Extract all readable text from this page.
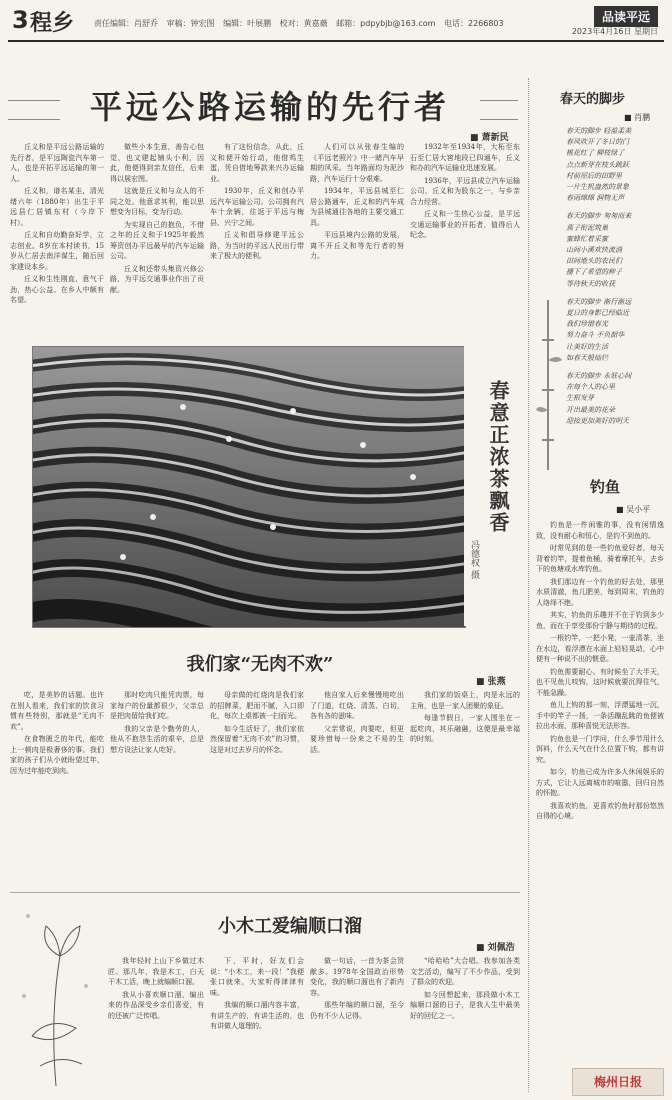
3 程乡 责任编辑：肖舒乔 审稿：钟宏图 编辑：叶展鹏 校对：黄嘉薇 邮箱：pdpybjb@163.com 电话：2266803	品读平远
2023年4月16日 星期日
平远公路运输的先行者
■ 萧新民

丘义和是平远公路运输的先行者，是平远陶瓷汽车第一人，也是开拓平远运输的第一人。

丘义和，谱名某圭，清光绪六年（1880年）出生于平远县仁居镇东村（今岸下村）。

丘义和自幼勤奋好学，立志创业。8岁在本村读书，15岁从仁居去南洋谋生，随后回家建设本乡。

丘义和生性刚直，意气干劲，热心公益。在乡人中颇有名望。

做些小本生意，善告心包觉，也又建起铺头小利，因此，他便得到亲友信任，后来得以展宏图。

这就是丘义和与众人的不同之处。他意求其利，能以思想变为目标，变为行动。

为实现自己的抱负，不惜之年的丘义和于1925年毅然筹资创办平远最早的汽车运输公司。

丘义和还带头集资兴修公路，为平远交通事业作出了贡献。

有了这份信念，从此，丘义和便开始行动，他借鸡生蛋，凭自借地筹款来兴办运输业。

1930年，丘义和创办平远汽车运输公司。公司拥有汽车十余辆，往返于平远与梅县、兴宁之间。

丘义和倡导修建平远公路，为当时的平远人民出行带来了极大的便利。

人们可以从张春生编的《平远老照片》中一睹汽车早期的风采。当年路面均为泥沙路，汽车运行十分艰难。

1934年，平远县城至仁居公路通车，丘义和的汽车成为县城通往各地的主要交通工具。

平远县境内公路的发展，离不开丘义和等先行者的努力。

1932年至1934年，大柘至东石至仁居大窖地段已四通车，丘义和办的汽车运输业迅速发展。

1936年，平远县成立汽车运输公司，丘义和为股东之一，与乡亲合力经营。

丘义和一生热心公益，是平远交通运输事业的开拓者，值得后人纪念。

春意正浓茶飘香
冯德权 摄
我们家“无肉不欢”
■ 张燕

吃，是美妙的话题。也许在别人看来，我们家的饮食习惯有些特别，那就是“无肉不欢”。

在食物匮乏的年代，能吃上一顿肉是极奢侈的事。我们家的孩子们从小就盼望过年，因为过年能吃到肉。

那时吃肉只能凭肉票，每家每户的份量都很少，父亲总是把肉留给我们吃。

我的父亲是个勤劳的人，他从不抱怨生活的艰辛，总是想方设法让家人吃好。

母亲做的红烧肉是我们家的招牌菜，肥而不腻，入口即化，每次上桌都被一扫而光。

如今生活好了，我们家依然保留着“无肉不欢”的习惯，这是对过去岁月的怀念。

他自家人后来慢慢地吃出了门道，红烧、清蒸、白切，各有各的滋味。

父亲常说，肉要吃，但更要珍惜每一份来之不易的生活。

我们家的饭桌上，肉是永远的主角，也是一家人团聚的象征。

每逢节假日，一家人围坐在一起吃肉，其乐融融，这便是最幸福的时刻。

小木工爱编顺口溜
■ 刘佩浩

我年轻时上山下乡做过木匠。那几年，我是木工，白天干木工活，晚上就编顺口溜。

我从小喜欢顺口溜，编出来的作品深受乡亲们喜爱，有的还被广泛传唱。

下，平时，好友们会说：“小木工，来一段！”我便张口就来，大家听得津津有味。

我编的顺口溜内容丰富，有讲生产的，有讲生活的，也有讲做人道理的。

做一句话，一首为茶会贺献多。1978年全国政治形势变化，我的顺口溜也有了新内容。

那些年编的顺口溜，至今仍有不少人记得。

“哈哈哈”大合唱。我参加各类文艺活动，编写了不少作品，受到了群众的欢迎。

如今回想起来，那段做小木工编顺口溜的日子，是我人生中最美好的回忆之一。

春天的脚步
■ 肖鹏
春天的脚步 轻盈柔美
春风吹开了冬日的门
桃花红了 柳枝绿了
点点新芽在枝头跳跃
村前屋后的田野里
一片生机盎然的景象
春雨绵绵 润物无声
春天的脚步 匆匆而来
燕子衔泥筑巢
蜜蜂忙着采蜜
山间小溪欢快流淌
田间地头的农民们
播下了希望的种子
等待秋天的收获
春天的脚步 渐行渐远
夏日的身影已经临近
我们珍惜春光
努力奋斗 不负韶华
让美好的生活
如春天般灿烂
春天的脚步 永驻心间
在每个人的心里
生根发芽
开出最美的花朵
迎接更加美好的明天
钓鱼
■ 吴小平

钓鱼是一件闲雅的事，没有闲情逸致，没有耐心和恒心，是钓不到鱼的。

时常见到的是一些钓鱼爱好者，每天背着钓竿，提着鱼桶，骑着摩托车，去乡下的鱼塘或水库钓鱼。

我们那边有一个钓鱼的好去处，那里水质清澈，鱼儿肥美，每到周末，钓鱼的人络绎不绝。

其实，钓鱼的乐趣并不在于钓到多少鱼，而在于享受那份宁静与期待的过程。

一根钓竿，一把小凳，一壶清茶，坐在水边，看浮漂在水面上轻轻晃动，心中便有一种说不出的惬意。

钓鱼需要耐心。有时候坐了大半天，也不见鱼儿咬钩，这时候就要沉得住气，不能急躁。

鱼儿上钩的那一刻，浮漂猛地一沉，手中的竿子一扬，一条活蹦乱跳的鱼便被拉出水面，那种喜悦无法形容。

钓鱼也是一门学问，什么季节用什么饵料，什么天气在什么位置下钩，都有讲究。

如今，钓鱼已成为许多人休闲娱乐的方式，它让人远离城市的喧嚣，回归自然的怀抱。

我喜欢钓鱼，更喜欢钓鱼时那份悠然自得的心境。

梅州日报
